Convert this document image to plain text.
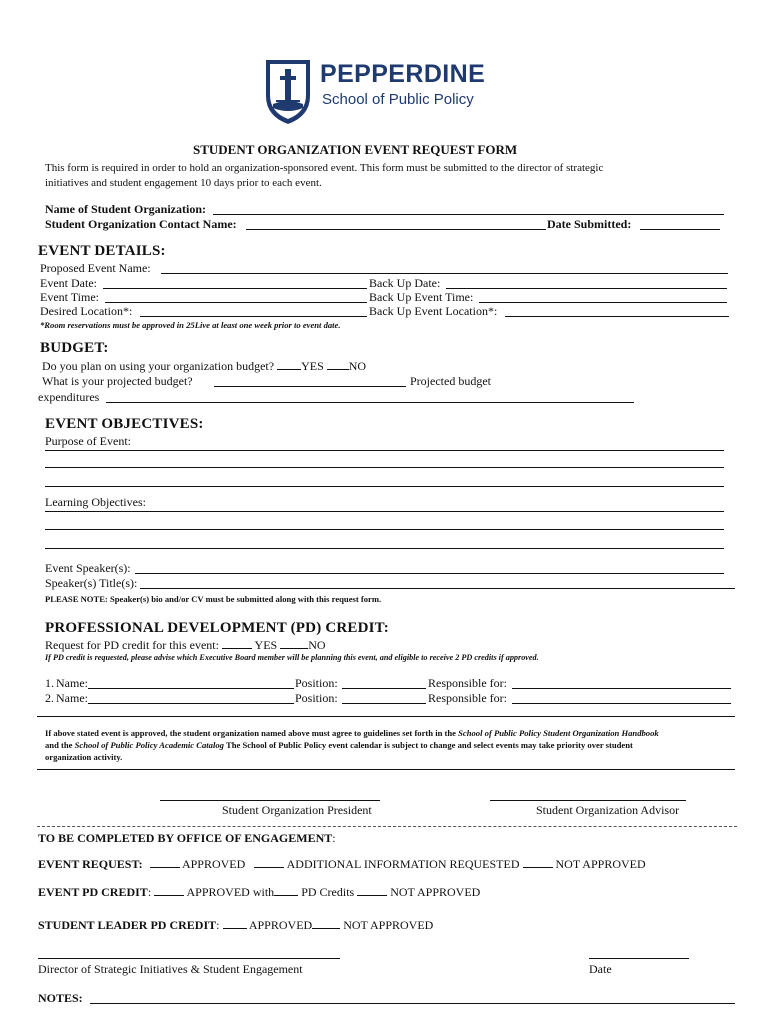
PEPPERDINE
School of Public Policy
STUDENT ORGANIZATION EVENT REQUEST FORM
This form is required in order to hold an organization-sponsored event. This form must be submitted to the director of strategic
initiatives and student engagement 10 days prior to each event.
Name of Student Organization:
Student Organization Contact Name:	Date Submitted:
EVENT DETAILS:
Proposed Event Name:
Event Date:	Back Up Date:
Event Time:	Back Up Event Time:
Desired Location*:	Back Up Event Location*:
*Room reservations must be approved in 25Live at least one week prior to event date.
BUDGET:
Do you plan on using your organization budget? YES NO
What is your projected budget?	Projected budget
expenditures
EVENT OBJECTIVES:
Purpose of Event:
Learning Objectives:
Event Speaker(s):
Speaker(s) Title(s):
PLEASE NOTE: Speaker(s) bio and/or CV must be submitted along with this request form.
PROFESSIONAL DEVELOPMENT (PD) CREDIT:
Request for PD credit for this event:	YES	NO
If PD credit is requested, please advise which Executive Board member will be planning this event, and eligible to receive 2 PD credits if approved.
1. Name:	Position:	Responsible for:
2. Name:	Position:	Responsible for:
If above stated event is approved, the student organization named above must agree to guidelines set forth in the School of Public Policy Student Organization Handbook
and the School of Public Policy Academic Catalog The School of Public Policy event calendar is subject to change and select events may take priority over student
organization activity.
Student Organization President	Student Organization Advisor
TO BE COMPLETED BY OFFICE OF ENGAGEMENT:
EVENT REQUEST:	APPROVED	ADDITIONAL INFORMATION REQUESTED	NOT APPROVED
EVENT PD CREDIT:	APPROVED with PD Credits	NOT APPROVED
STUDENT LEADER PD CREDIT:  APPROVED	NOT APPROVED
Director of Strategic Initiatives & Student Engagement	Date
NOTES:
